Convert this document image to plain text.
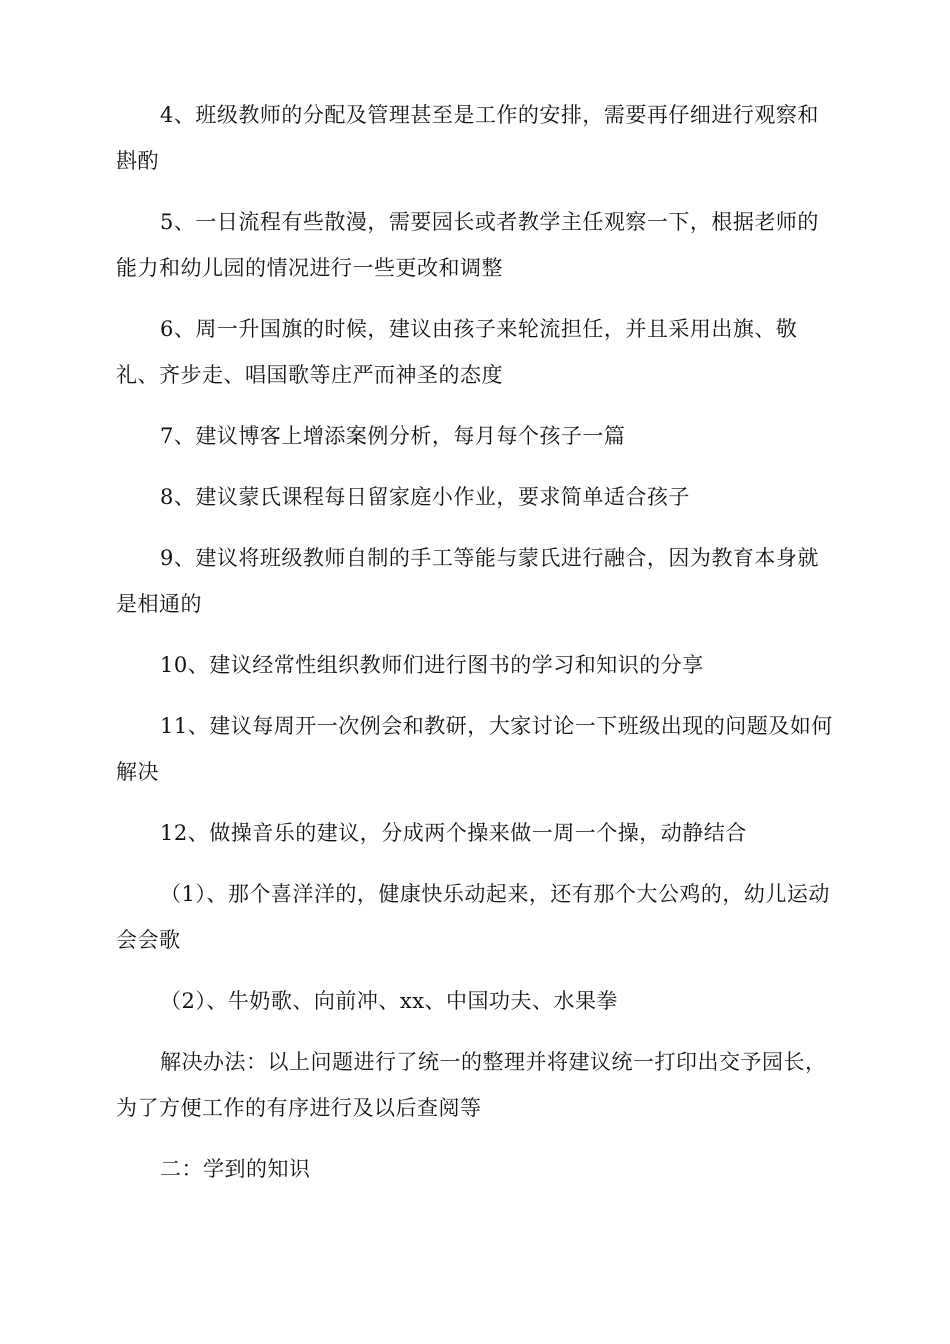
4、班级教师的分配及管理甚至是工作的安排，需要再仔细进行观察和斟酌

5、一日流程有些散漫，需要园长或者教学主任观察一下，根据老师的能力和幼儿园的情况进行一些更改和调整

6、周一升国旗的时候，建议由孩子来轮流担任，并且采用出旗、敬礼、齐步走、唱国歌等庄严而神圣的态度

7、建议博客上增添案例分析，每月每个孩子一篇

8、建议蒙氏课程每日留家庭小作业，要求简单适合孩子

9、建议将班级教师自制的手工等能与蒙氏进行融合，因为教育本身就是相通的

10、建议经常性组织教师们进行图书的学习和知识的分享

11、建议每周开一次例会和教研，大家讨论一下班级出现的问题及如何解决

12、做操音乐的建议，分成两个操来做一周一个操，动静结合

（1）、那个喜洋洋的，健康快乐动起来，还有那个大公鸡的，幼儿运动会会歌

（2）、牛奶歌、向前冲、xx、中国功夫、水果拳

解决办法：以上问题进行了统一的整理并将建议统一打印出交予园长，为了方便工作的有序进行及以后查阅等

二：学到的知识
